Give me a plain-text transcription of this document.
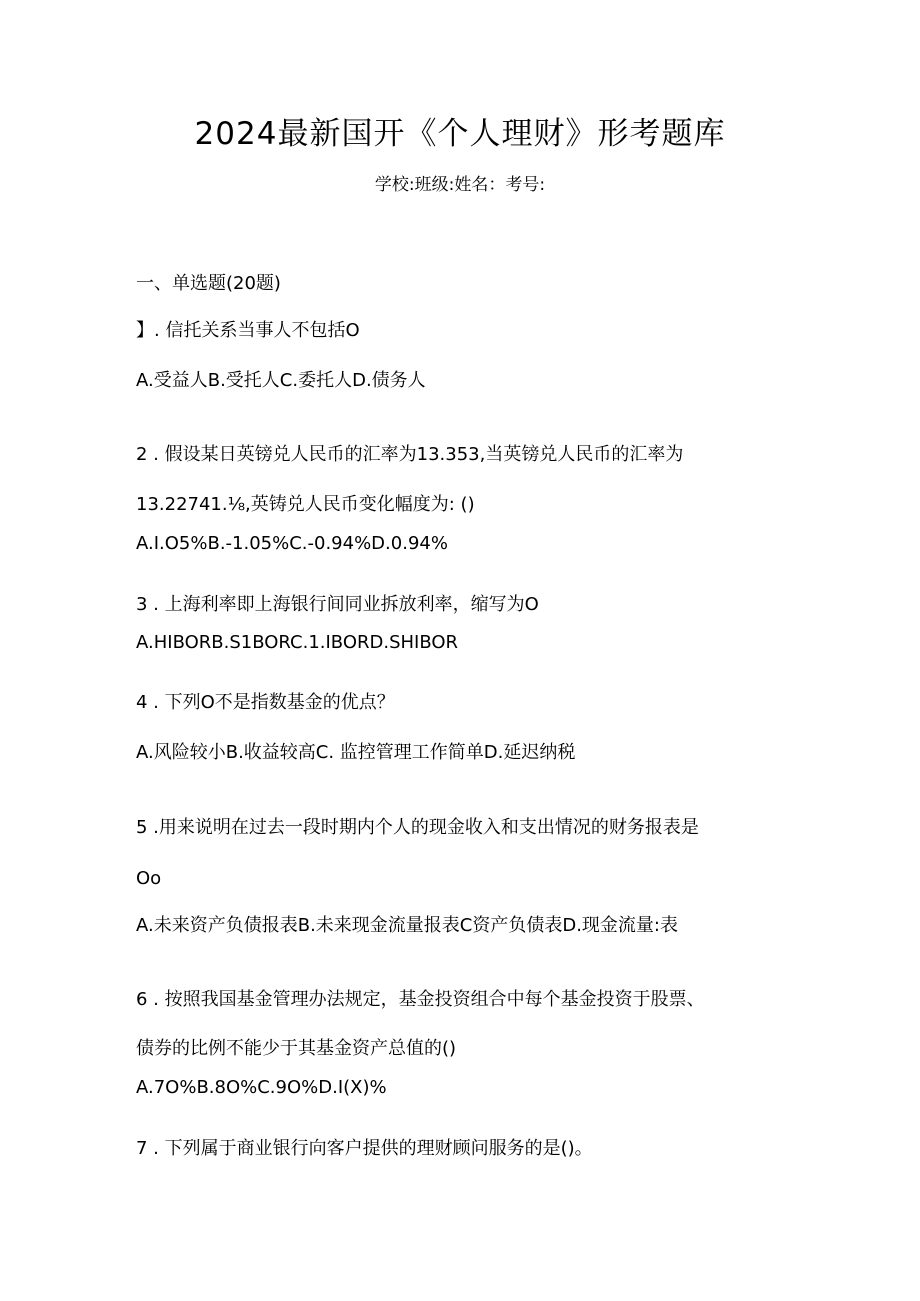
2024最新国开《个人理财》形考题库
学校:班级:姓名：考号:
一、单选题(20题)
】. 信托关系当事人不包括O
A.受益人B.受托人C.委托人D.债务人
2 . 假设某日英镑兑人民币的汇率为13.353,当英镑兑人民币的汇率为
13.22741.⅛,英铸兑人民币变化幅度为: ()
A.I.O5%B.-1.05%C.-0.94%D.0.94%
3 . 上海利率即上海银行间同业拆放利率，缩写为O
A.HIBORB.S1BORC.1.IBORD.SHIBOR
4 . 下列O不是指数基金的优点？
A.风险较小B.收益较高C. 监控管理工作简单D.延迟纳税
5 .用来说明在过去一段时期内个人的现金收入和支出情况的财务报表是
Oo
A.未来资产负债报表B.未来现金流量报表C资产负债表D.现金流量:表
6 . 按照我国基金管理办法规定，基金投资组合中每个基金投资于股票、
债券的比例不能少于其基金资产总值的()
A.7O%B.8O%C.9O%D.I(X)%
7 . 下列属于商业银行向客户提供的理财顾问服务的是()。
